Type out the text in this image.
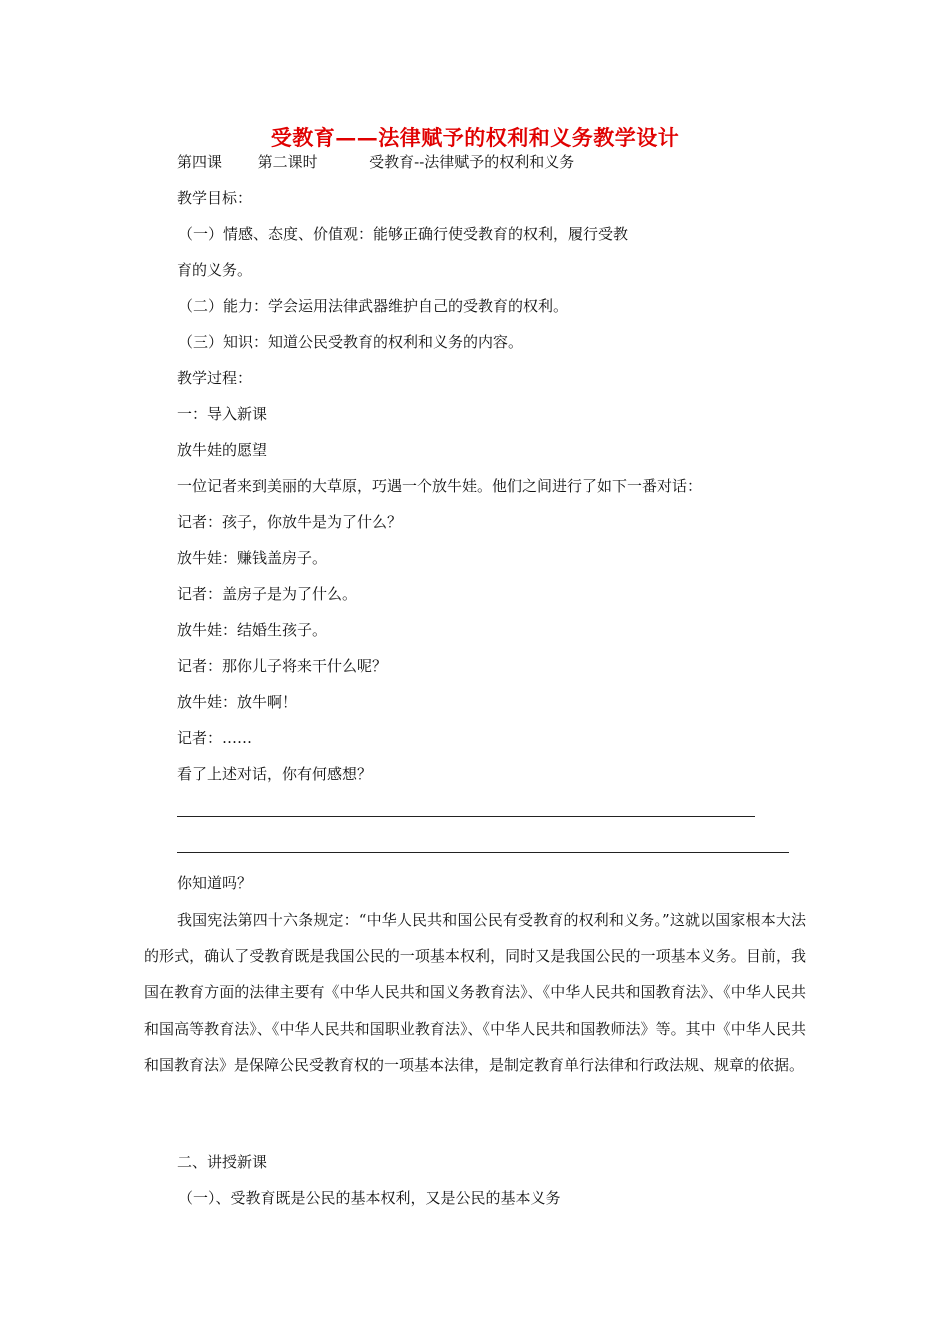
受教育——法律赋予的权利和义务教学设计
第四课 第二课时	受教育--法律赋予的权利和义务
教学目标：
（一）情感、态度、价值观：能够正确行使受教育的权利，履行受教
育的义务。
（二）能力：学会运用法律武器维护自己的受教育的权利。
（三）知识：知道公民受教育的权利和义务的内容。
教学过程：
一：导入新课
放牛娃的愿望
一位记者来到美丽的大草原，巧遇一个放牛娃。他们之间进行了如下一番对话：
记者：孩子，你放牛是为了什么？
放牛娃：赚钱盖房子。
记者：盖房子是为了什么。
放牛娃：结婚生孩子。
记者：那你儿子将来干什么呢？
放牛娃：放牛啊！
记者：……
看了上述对话，你有何感想？
你知道吗？
我国宪法第四十六条规定：“中华人民共和国公民有受教育的权利和义务。”这就以国家根本大法的形式，确认了受教育既是我国公民的一项基本权利，同时又是我国公民的一项基本义务。目前，我国在教育方面的法律主要有《中华人民共和国义务教育法》、《中华人民共和国教育法》、《中华人民共和国高等教育法》、《中华人民共和国职业教育法》、《中华人民共和国教师法》等。其中《中华人民共和国教育法》是保障公民受教育权的一项基本法律，是制定教育单行法律和行政法规、规章的依据。
二、讲授新课
（一）、受教育既是公民的基本权利，又是公民的基本义务
